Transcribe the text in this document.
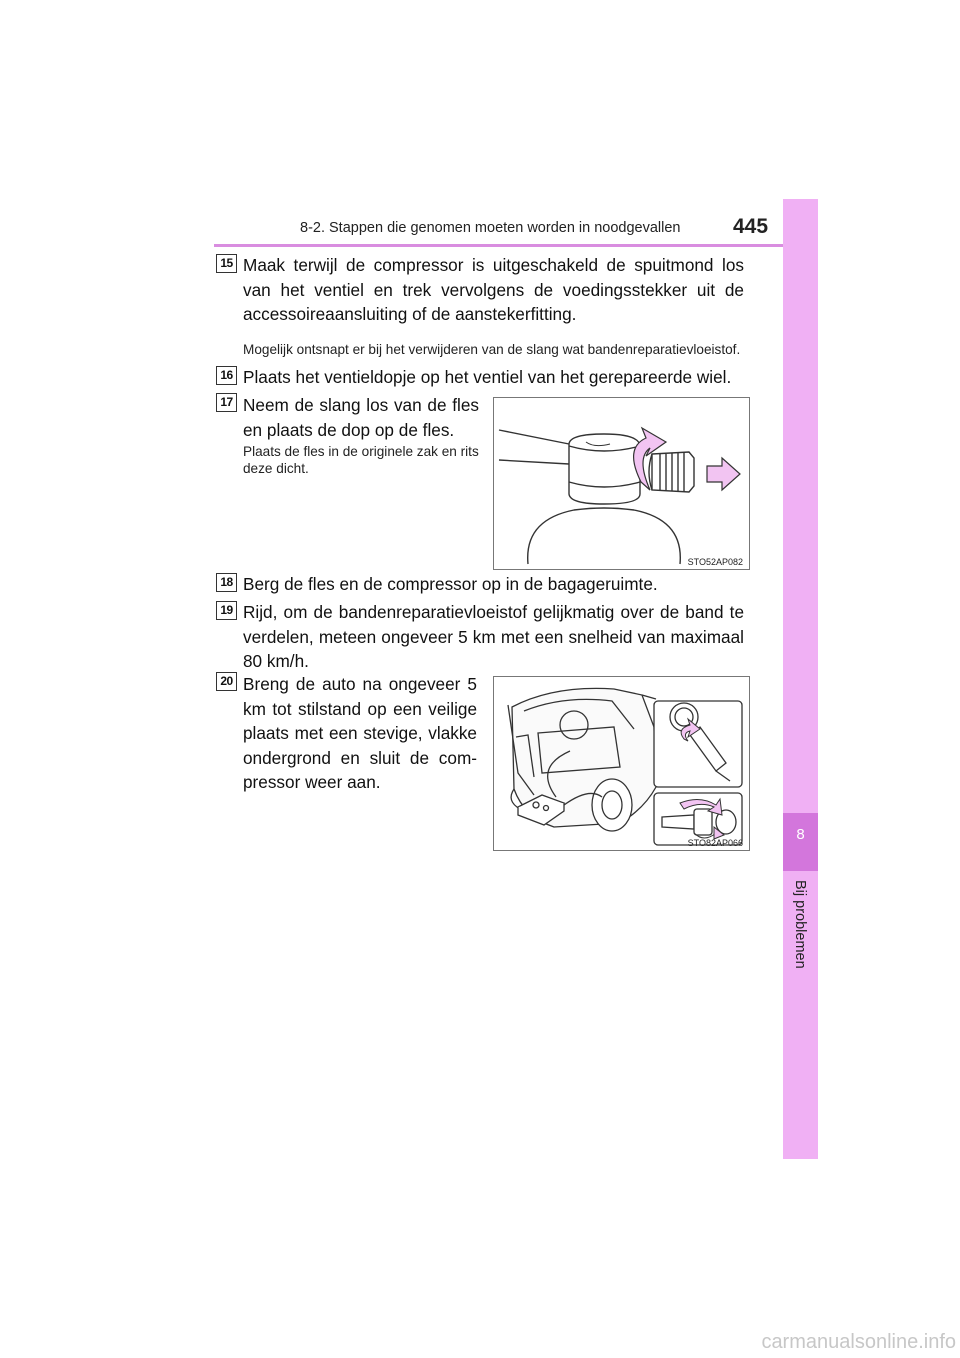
8-2. Stappen die genomen moeten worden in noodgevallen	445
8
Bij problemen
15 Maak terwijl de compressor is uitgeschakeld de spuitmond los van het ventiel en trek vervolgens de voedingsstekker uit de accessoireaansluiting of de aanstekerfitting.
Mogelijk ontsnapt er bij het verwijderen van de slang wat bandenreparatievloeistof.
16 Plaats het ventieldopje op het ventiel van het gerepareerde wiel.
17 Neem de slang los van de fles en plaats de dop op de fles.
Plaats de fles in de originele zak en rits deze dicht.
STO52AP082
18 Berg de fles en de compressor op in de bagageruimte.
19 Rijd, om de bandenreparatievloeistof gelijkmatig over de band te verdelen, meteen ongeveer 5 km met een snelheid van maximaal 80 km/h.
20 Breng de auto na ongeveer 5 km tot stilstand op een veilige plaats met een stevige, vlakke ondergrond en sluit de compressor weer aan.
STO82AP066
carmanualsonline.info
